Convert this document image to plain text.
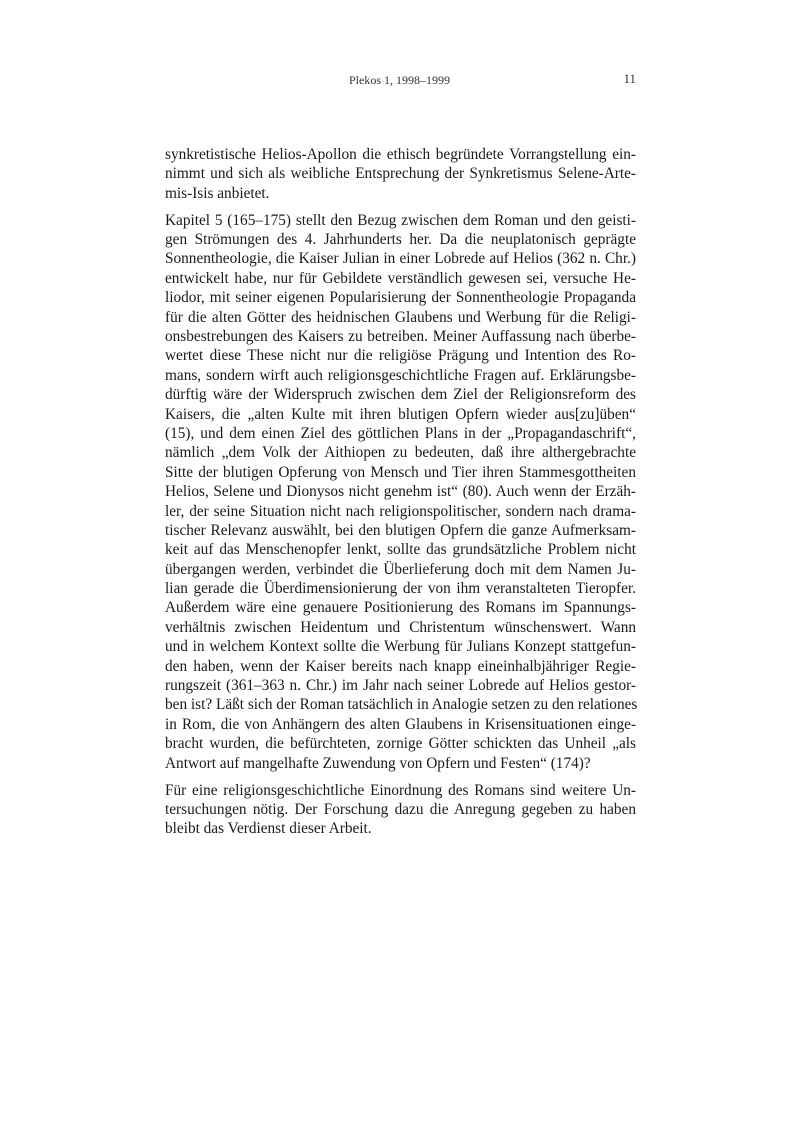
Plekos 1, 1998–1999	11
synkretistische Helios-Apollon die ethisch begründete Vorrangstellung ein-
nimmt und sich als weibliche Entsprechung der Synkretismus Selene-Arte-
mis-Isis anbietet.
Kapitel 5 (165–175) stellt den Bezug zwischen dem Roman und den geisti-
gen Strömungen des 4. Jahrhunderts her. Da die neuplatonisch geprägte
Sonnentheologie, die Kaiser Julian in einer Lobrede auf Helios (362 n. Chr.)
entwickelt habe, nur für Gebildete verständlich gewesen sei, versuche He-
liodor, mit seiner eigenen Popularisierung der Sonnentheologie Propaganda
für die alten Götter des heidnischen Glaubens und Werbung für die Religi-
onsbestrebungen des Kaisers zu betreiben. Meiner Auffassung nach überbe-
wertet diese These nicht nur die religiöse Prägung und Intention des Ro-
mans, sondern wirft auch religionsgeschichtliche Fragen auf. Erklärungsbe-
dürftig wäre der Widerspruch zwischen dem Ziel der Religionsreform des
Kaisers, die „alten Kulte mit ihren blutigen Opfern wieder aus[zu]üben“
(15), und dem einen Ziel des göttlichen Plans in der „Propagandaschrift“,
nämlich „dem Volk der Aithiopen zu bedeuten, daß ihre althergebrachte
Sitte der blutigen Opferung von Mensch und Tier ihren Stammesgottheiten
Helios, Selene und Dionysos nicht genehm ist“ (80). Auch wenn der Erzäh-
ler, der seine Situation nicht nach religionspolitischer, sondern nach drama-
tischer Relevanz auswählt, bei den blutigen Opfern die ganze Aufmerksam-
keit auf das Menschenopfer lenkt, sollte das grundsätzliche Problem nicht
übergangen werden, verbindet die Überlieferung doch mit dem Namen Ju-
lian gerade die Überdimensionierung der von ihm veranstalteten Tieropfer.
Außerdem wäre eine genauere Positionierung des Romans im Spannungs-
verhältnis zwischen Heidentum und Christentum wünschenswert. Wann
und in welchem Kontext sollte die Werbung für Julians Konzept stattgefun-
den haben, wenn der Kaiser bereits nach knapp eineinhalbjähriger Regie-
rungszeit (361–363 n. Chr.) im Jahr nach seiner Lobrede auf Helios gestor-
ben ist? Läßt sich der Roman tatsächlich in Analogie setzen zu den relationes
in Rom, die von Anhängern des alten Glaubens in Krisensituationen einge-
bracht wurden, die befürchteten, zornige Götter schickten das Unheil „als
Antwort auf mangelhafte Zuwendung von Opfern und Festen“ (174)?
Für eine religionsgeschichtliche Einordnung des Romans sind weitere Un-
tersuchungen nötig. Der Forschung dazu die Anregung gegeben zu haben
bleibt das Verdienst dieser Arbeit.
